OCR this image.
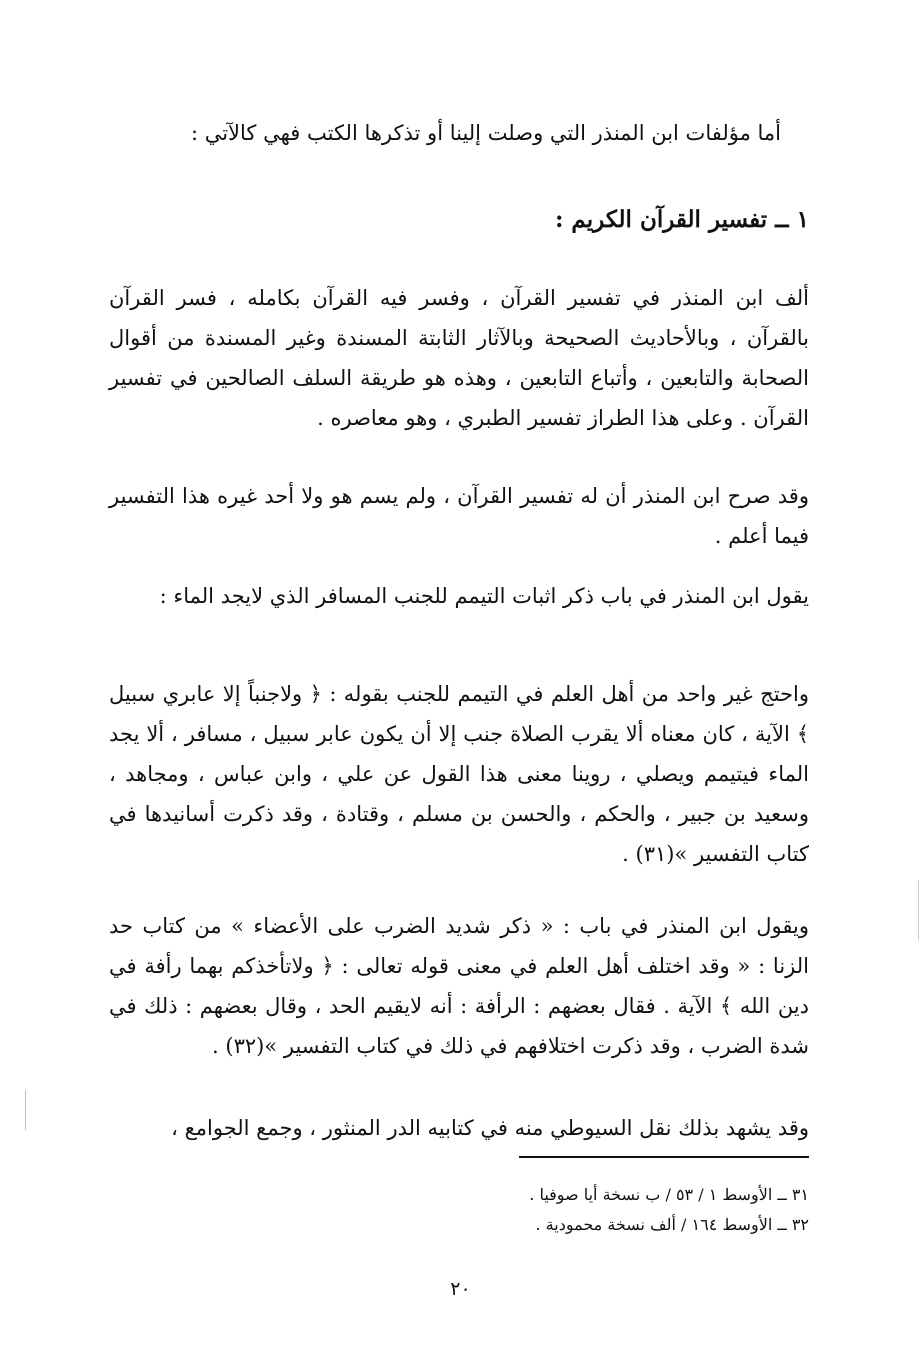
أما مؤلفات ابن المنذر التي وصلت إلينا أو تذكرها الكتب فهي كالآتي :
١ ــ تفسير القرآن الكريم :
ألف ابن المنذر في تفسير القرآن ، وفسر فيه القرآن بكامله ، فسر القرآن بالقرآن ، وبالأحاديث الصحيحة وبالآثار الثابتة المسندة وغير المسندة من أقوال الصحابة والتابعين ، وأتباع التابعين ، وهذه هو طريقة السلف الصالحين في تفسير القرآن . وعلى هذا الطراز تفسير الطبري ، وهو معاصره .
وقد صرح ابن المنذر أن له تفسير القرآن ، ولم يسم هو ولا أحد غيره هذا التفسير فيما أعلم .
يقول ابن المنذر في باب ذكر اثبات التيمم للجنب المسافر الذي لايجد الماء :
واحتج غير واحد من أهل العلم في التيمم للجنب بقوله : ﴿ ولاجنباً إلا عابري سبيل ﴾ الآية ، كان معناه ألا يقرب الصلاة جنب إلا أن يكون عابر سبيل ، مسافر ، ألا يجد الماء فيتيمم ويصلي ، روينا معنى هذا القول عن علي ، وابن عباس ، ومجاهد ، وسعيد بن جبير ، والحكم ، والحسن بن مسلم ، وقتادة ، وقد ذكرت أسانيدها في كتاب التفسير »(٣١) .
ويقول ابن المنذر في باب : « ذكر شديد الضرب على الأعضاء » من كتاب حد الزنا : « وقد اختلف أهل العلم في معنى قوله تعالى : ﴿ ولاتأخذكم بهما رأفة في دين الله ﴾ الآية . فقال بعضهم : الرأفة : أنه لايقيم الحد ، وقال بعضهم : ذلك في شدة الضرب ، وقد ذكرت اختلافهم في ذلك في كتاب التفسير »(٣٢) .
وقد يشهد بذلك نقل السيوطي منه في كتابيه الدر المنثور ، وجمع الجوامع ،
٣١ ــ الأوسط ١ / ٥٣ / ب نسخة أيا صوفيا .
٣٢ ــ الأوسط ١٦٤ / ألف نسخة محمودية .
٢٠
